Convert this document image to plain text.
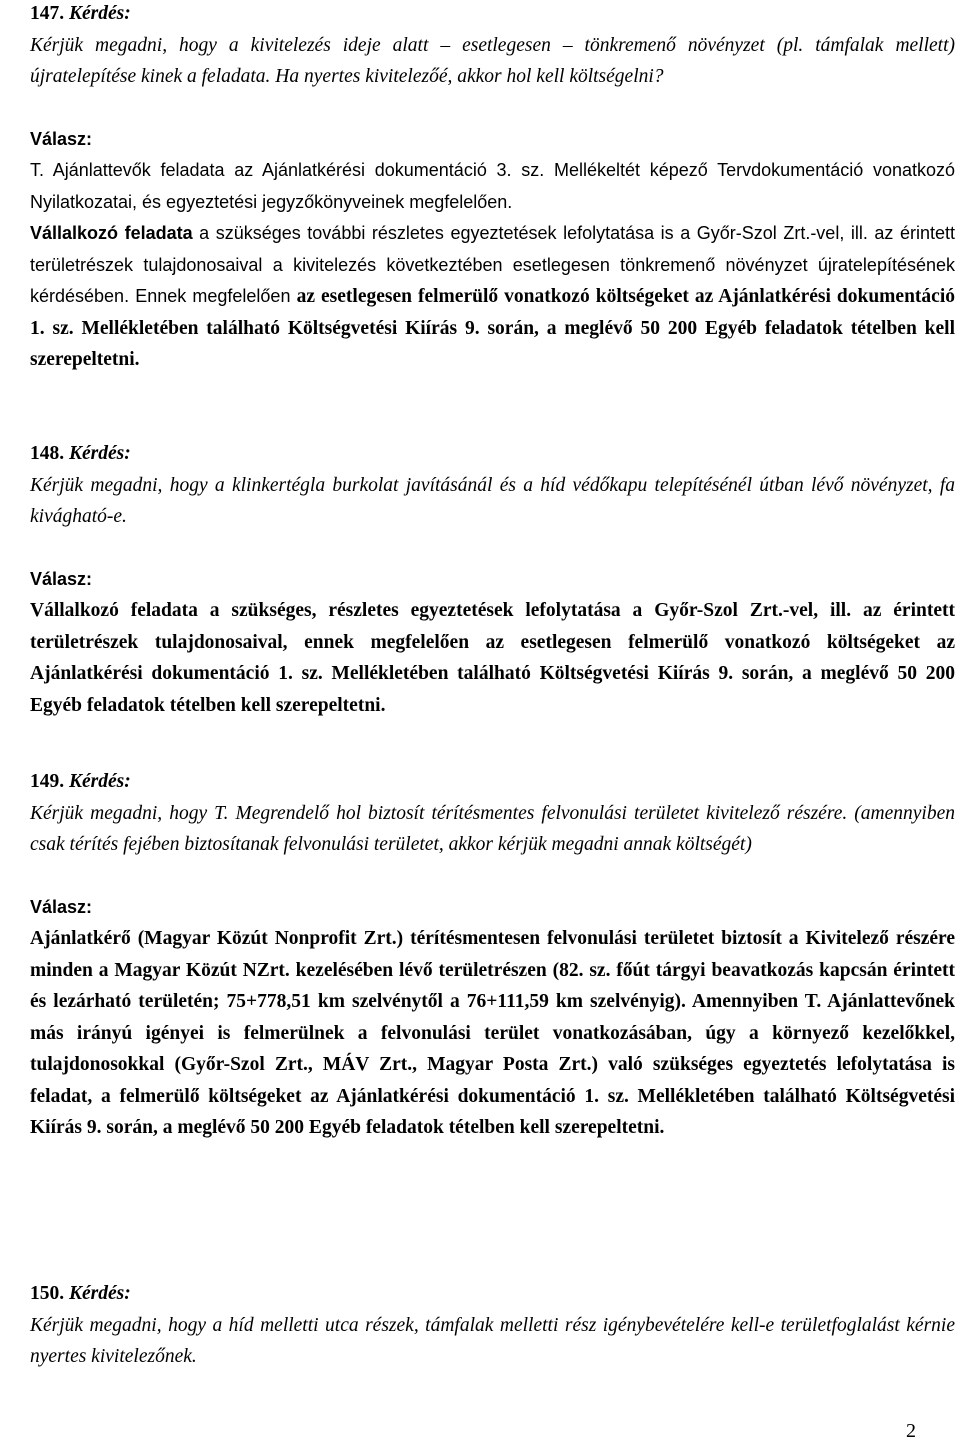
147. Kérdés:
Kérjük megadni, hogy a kivitelezés ideje alatt – esetlegesen – tönkremenő növényzet (pl. támfalak mellett) újratelepítése kinek a feladata. Ha nyertes kivitelezőé, akkor hol kell költségelni?
Válasz:
T. Ajánlattevők feladata az Ajánlatkérési dokumentáció 3. sz. Mellékeltét képező Tervdokumentáció vonatkozó Nyilatkozatai, és egyeztetési jegyzőkönyveinek megfelelően.
Vállalkozó feladata a szükséges további részletes egyeztetések lefolytatása is a Győr-Szol Zrt.-vel, ill. az érintett területrészek tulajdonosaival a kivitelezés következtében esetlegesen tönkremenő növényzet újratelepítésének kérdésében. Ennek megfelelően az esetlegesen felmerülő vonatkozó költségeket az Ajánlatkérési dokumentáció 1. sz. Mellékletében található Költségvetési Kiírás 9. során, a meglévő 50 200 Egyéb feladatok tételben kell szerepeltetni.
148. Kérdés:
Kérjük megadni, hogy a klinkertégla burkolat javításánál és a híd védőkapu telepítésénél útban lévő növényzet, fa kivágható-e.
Válasz:
Vállalkozó feladata a szükséges, részletes egyeztetések lefolytatása a Győr-Szol Zrt.-vel, ill. az érintett területrészek tulajdonosaival, ennek megfelelően az esetlegesen felmerülő vonatkozó költségeket az Ajánlatkérési dokumentáció 1. sz. Mellékletében található Költségvetési Kiírás 9. során, a meglévő 50 200 Egyéb feladatok tételben kell szerepeltetni.
149. Kérdés:
Kérjük megadni, hogy T. Megrendelő hol biztosít térítésmentes felvonulási területet kivitelező részére. (amennyiben csak térítés fejében biztosítanak felvonulási területet, akkor kérjük megadni annak költségét)
Válasz:
Ajánlatkérő (Magyar Közút Nonprofit Zrt.) térítésmentesen felvonulási területet biztosít a Kivitelező részére minden a Magyar Közút NZrt. kezelésében lévő területrészen (82. sz. főút tárgyi beavatkozás kapcsán érintett és lezárható területén; 75+778,51 km szelvénytől a 76+111,59 km szelvényig). Amennyiben T. Ajánlattevőnek más irányú igényei is felmerülnek a felvonulási terület vonatkozásában, úgy a környező kezelőkkel, tulajdonosokkal (Győr-Szol Zrt., MÁV Zrt., Magyar Posta Zrt.) való szükséges egyeztetés lefolytatása is feladat, a felmerülő költségeket az Ajánlatkérési dokumentáció 1. sz. Mellékletében található Költségvetési Kiírás 9. során, a meglévő 50 200 Egyéb feladatok tételben kell szerepeltetni.
150. Kérdés:
Kérjük megadni, hogy a híd melletti utca részek, támfalak melletti rész igénybevételére kell-e területfoglalást kérnie nyertes kivitelezőnek.
2
